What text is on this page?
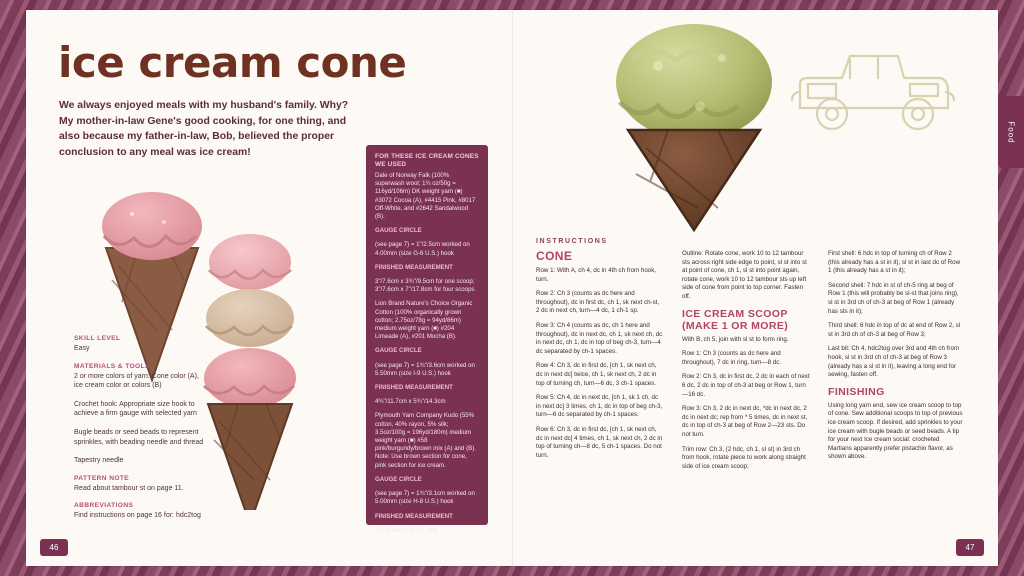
ice cream cone
We always enjoyed meals with my husband's family. Why? My mother-in-law Gene's good cooking, for one thing, and also because my father-in-law, Bob, believed the proper conclusion to any meal was ice cream!	FOR THESE ICE CREAM CONES WE USED

Dale of Norway Falk (100% superwash wool; 1¾ oz/50g = 116yd/106m) DK weight yarn (■) #3072 Cocoa (A), #4415 Pink, #8017 Off-White, and #2642 Sandalwood (B).

GAUGE CIRCLE

(see page 7) = 1"/2.5cm worked on 4.00mm (size G-6 U.S.) hook

FINISHED MEASUREMENT

3"/7.6cm x 3¾"/9.5cm for one scoop; 3"/7.6cm x 7"/17.8cm for four scoops

Lion Brand Nature's Choice Organic Cotton (100% organically grown cotton; 2.75oz/78g = 94yd/86m) medium weight yarn (■) #204 Limeade (A), #201 Mocha (B).

GAUGE CIRCLE

(see page 7) = 1¾"/3.6cm worked on 5.50mm (size I-9 U.S.) hook

FINISHED MEASUREMENT

4¾"/11.7cm x 5¾"/14.3cm

Plymouth Yarn Company Kudo (55% cotton, 40% rayon, 5% silk; 3.5oz/100g = 196yd/180m) medium weight yarn (■) #58 pink/burgundy/brown mix (A) and (B). Note: Use brown section for cone, pink section for ice cream.

GAUGE CIRCLE

(see page 7) = 1¾"/3.1cm worked on 5.00mm (size H-8 U.S.) hook

FINISHED MEASUREMENT

3¼"/9.8cm x 5"/12.7cm

SKILL LEVEL

Easy

MATERIALS & TOOLS

2 or more colors of yarn: Cone color (A), ice cream color or colors (B)

Crochet hook: Appropriate size hook to achieve a firm gauge with selected yarn

Bugle beads or seed beads to represent sprinkles, with beading needle and thread

Tapestry needle

PATTERN NOTE

Read about tambour st on page 11.

ABBREVIATIONS

Find instructions on page 16 for: hdc2tog

46
INSTRUCTIONS
CONE

Row 1: With A, ch 4, dc in 4th ch from hook, turn.

Row 2: Ch 3 (counts as dc here and throughout), dc in first dc, ch 1, sk next ch-st, 2 dc in next ch, turn—4 dc, 1 ch-1 sp.

Row 3: Ch 4 (counts as dc, ch 1 here and throughout), dc in next dc, ch 1, sk next ch, dc in next dc, ch 1, dc in top of beg ch-3, turn—4 dc separated by ch-1 spaces.

Row 4: Ch 3, dc in first dc, [ch 1, sk next ch, dc in next dc] twice, ch 1, sk next ch, 2 dc in top of turning ch, turn—6 dc, 3 ch-1 spaces.

Row 5: Ch 4, dc in next dc, [ch 1, sk 1 ch, dc in next dc] 3 times, ch 1, dc in top of beg ch-3, turn—6 dc separated by ch-1 spaces.

Row 6: Ch 3, dc in first dc, [ch 1, sk next ch, dc in next dc] 4 times, ch 1, sk next ch, 2 dc in top of turning ch—8 dc, 5 ch-1 spaces. Do not turn.

Outline: Rotate cone, work 10 to 12 tambour sts across right side edge to point, sl st into st at point of cone, ch 1, sl st into point again, rotate cone, work 10 to 12 tambour sts up left side of cone from point to top corner. Fasten off.

ICE CREAM SCOOP (MAKE 1 OR MORE)

With B, ch 5, join with sl st to form ring.

Row 1: Ch 3 (counts as dc here and throughout), 7 dc in ring, turn—8 dc.

Row 2: Ch 3, dc in first dc, 2 dc in each of next 6 dc, 2 dc in top of ch-3 at beg or Row 1, turn—16 dc.

Row 3: Ch 3, 2 dc in next dc, *dc in next dc, 2 dc in next dc; rep from * 5 times, dc in next st, dc in top of ch-3 at beg of Row 2—23 sts. Do not turn.

Trim row: Ch 3, (2 hdc, ch 1, sl st) in 3rd ch from hook, rotate piece to work along straight side of ice cream scoop;

First shell: 6 hdc in top of turning ch of Row 2 (this already has a st in it), sl st in last dc of Row 1 (this already has a st in it);

Second shell: 7 hdc in st of ch-5 ring at beg of Row 1 (this will probably be sl-st that joins ring), sl st in 3rd ch of ch-3 at beg of Row 1 (already has sts in it);

Third shell: 6 hdc in top of dc at end of Row 2, sl st in 3rd ch of ch-3 at beg of Row 3;

Last bit: Ch 4, hdc2tog over 3rd and 4th ch from hook, sl st in 3rd ch of ch-3 at beg of Row 3 (already has a sl st in it), leaving a long end for sewing, fasten off.

FINISHING

Using long yarn end, sew ice cream scoop to top of cone. Sew additional scoops to top of previous ice cream scoop. If desired, add sprinkles to your ice cream with bugle beads or seed beads. A tip for your next Ice cream social: crocheted Martians apparently prefer pistachio flavor, as shown above.

47
Food
